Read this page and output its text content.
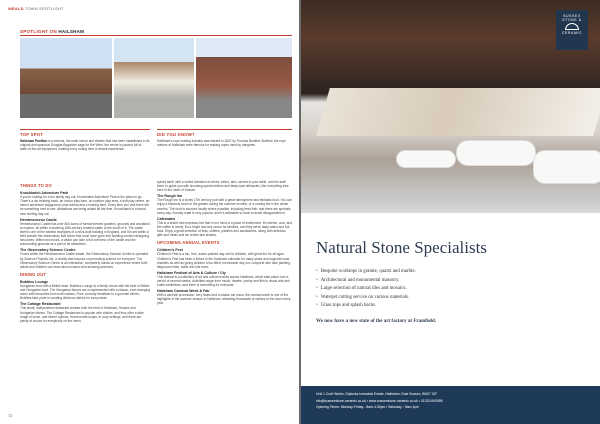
WEALD TOWN SPOTLIGHT
SPOTLIGHT ON HAILSHAM
TOP SPOT
Hailsham Pavilion is a cinema, the main venue and theatre that has been established in its original and spacious Douglas Bygodom sage for the West, the venue is packed full of state-of-the-art equipment, making every outing here a vibrant experience.
DID YOU KNOW?
Hailsham's rope making industry was started in 1807 by Thomas Burfield. Burfield, the rope makers of Hailsham were famous for making ropes used by hangmen.
THINGS TO DO
Knockhatch Adventure Park

If you're looking for a fun family day out, Knockhatch Adventure Park is the place to go. There's a zip trekking track, an indoor play barn, an outdoor play area, a soft play centre, an indoor adventure playground, plus animal and a hearing farm. Every time you visit there will be something new to see. Attractions are being added all the time, Knockhatch is a brand-new hunting day out.

Herstmonceux Castle

Herstmonceux Castle has over 600 acres of formal themed gardens, grounds and woodland to explore, all within a stunning 15th-century moated castle to the south of it. The castle itself is one of the earliest examples of a brick-built building in England, and it is set within a field outside the observatory that follow that must have gone into building modern designing structures. Within two hours, a visitor can take a full overview of the castle and the surrounding grounds as a part of its attractions.

The Observatory Science Centre

Found within the Herstmonceux Castle estate, the Observatory Science Centre is operated by Science Projects Ltd, a charity that focuses on promoting science for everyone. The Observatory Science Centre is an interactive, completely hands-on experience where both adults and children can learn about cosmic and amazing sciences.

DINING OUT
Bubbles Lounge

Hungarian food with a British twist. Bubbles Lounge is a family venue with the best in British and Hungarian food. The Hungarian flavors are complemented with a classic, ever-changing menu with favourites from both nations. From a hearty breakfast to a gourmet dinner, Bubbles take pride in creating delicious dishes for every taste.

The Cottage Restaurant

This small, independent restaurant creates both the best of Hailsham, Sussex and Hungarian dishes. The Cottage Restaurant is popular with visitors, and they offer a wide range of lunch, and dinner options. Home-made soups, in cozy settings, and there are plenty of choice for everybody on the menu.

spices itself, with a varied selection of wines, beers, ales, served to your table, and the staff there to guide you with choosing special dishes and tasty local delicacies, like everything else here in the heart of Sussex.

The Rough Inn

The Rough Inn is a lovely 17th century pub with a great atmosphere and fantastic food. You can enjoy a fabulous lunch in the garden during the summer months, or a roaring fire in the winter months. The food is sourced locally where possible, including fresh fish, and there are specials every day. Sunday roast is very popular, and it's advisable to book to avoid disappointment.

Cafemates

This is a brand new espresso bar that in our mind is a place of excitement. It's interior, cool, and the coffee is lovely. It's a bright and airy venue for families, and they serve tasty cakes and hot food. Enjoy a great selection of teas, coffees, pastries and sandwiches, along with delicious gifts and treats and ice cream and shakes.

UPCOMING ANNUAL EVENTS
Children's Fest

Children's Fest is a fun, free, action-packed day out for children, with great fun for all ages. Children's Fest has been a fixture in the Hailsham calendar for many years and supports local charities as well as giving children a fun-filled, memorable day out, complete with face painting, fairground rides, stalls and lots more.

Hailsham Festival of Arts & Culture / Cty

This festival is a collection of art and culture events across Hailsham, which take place over a period of several weeks. Activities range from music, theatre, poetry and film to visual arts and crafts exhibitions, and there is something for everyone.

Hailsham Carnival Week & Fair

With a carnival procession, lorry floats and a classic car show, the carnival week is one of the highlights of the summer season in Hailsham, attracting thousands of visitors to the town every year.

72
SUSSEX
STONE &
CERAMIC
Natural Stone Specialists
• Bespoke worktops in granite, quartz and marble.
• Architectural and monumental masonry.
• Large selection of natural tiles and mosaics.
• Waterjet cutting service on various materials.
• Glass tops and splash backs.
We now have a new state of the art factory at Framfield.
Unit 1 Croft Works, Diplocks Industrial Estate, Hailsham, East Sussex, BN27 3JF
info@sussexstone-ceramic.co.uk • www.sussexstone-ceramic.co.uk • 01323 840989
Opening Times: Monday-Friday - 8am-4:30pm / Saturday - 9am-1pm
